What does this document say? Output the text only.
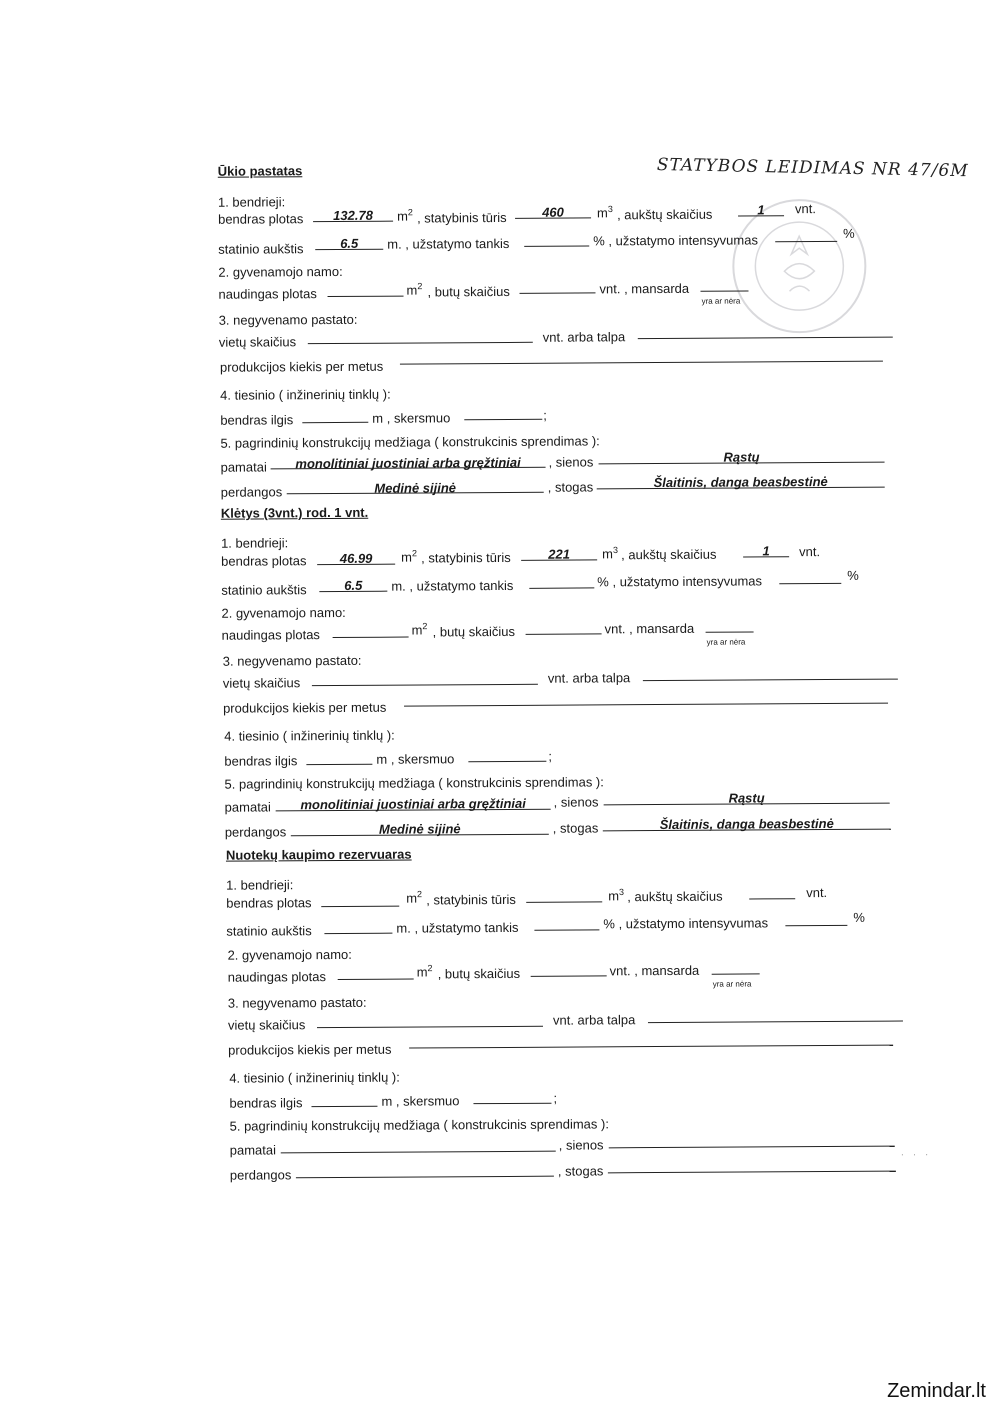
STATYBOS LEIDIMAS NR 47/6M
Ūkio pastatas
1. bendrieji:
bendras plotas	132.78	$m^2$ , statybinis tūris	460	$m^3$ , aukštų skaičius	1	vnt.
statinio aukštis	6.5	m. , užstatymo tankis	% , užstatymo intensyvumas	%
2. gyvenamojo namo:
naudingas plotas	$m^2$ , butų skaičius	vnt. , mansarda
yra ar nėra
3. negyvenamo pastato:
vietų skaičius	vnt. arba talpa
produkcijos kiekis per metus
4. tiesinio ( inžinerinių tinklų ):
bendras ilgis	m , skersmuo	;
5. pagrindinių konstrukcijų medžiaga ( konstrukcinis sprendimas ):
pamatai	monolitiniai juostiniai arba gręžtiniai	, sienos	Rąstų
perdangos	Medinė sijinė	, stogas	Šlaitinis, danga beasbestinė
Klėtys (3vnt.) rod. 1 vnt.
1. bendrieji:
bendras plotas	46.99	$m^2$ , statybinis tūris	221	$m^3$ , aukštų skaičius	1	vnt.
statinio aukštis	6.5	m. , užstatymo tankis	% , užstatymo intensyvumas	%
2. gyvenamojo namo:
naudingas plotas	$m^2$ , butų skaičius	vnt. , mansarda
yra ar nėra
3. negyvenamo pastato:
vietų skaičius	vnt. arba talpa
produkcijos kiekis per metus
4. tiesinio ( inžinerinių tinklų ):
bendras ilgis	m , skersmuo	;
5. pagrindinių konstrukcijų medžiaga ( konstrukcinis sprendimas ):
pamatai	monolitiniai juostiniai arba gręžtiniai	, sienos	Rąstų
perdangos	Medinė sijinė	, stogas	Šlaitinis, danga beasbestinė
Nuotekų kaupimo rezervuaras
1. bendrieji:
bendras plotas	$m^2$ , statybinis tūris	$m^3$ , aukštų skaičius	vnt.
statinio aukštis	m. , užstatymo tankis	% , užstatymo intensyvumas	%
2. gyvenamojo namo:
naudingas plotas	$m^2$ , butų skaičius	vnt. , mansarda
yra ar nėra
3. negyvenamo pastato:
vietų skaičius	vnt. arba talpa
produkcijos kiekis per metus
4. tiesinio ( inžinerinių tinklų ):
bendras ilgis	m , skersmuo	;
5. pagrindinių konstrukcijų medžiaga ( konstrukcinis sprendimas ):
pamatai	, sienos
perdangos	, stogas
· · ·
Zemindar.lt
